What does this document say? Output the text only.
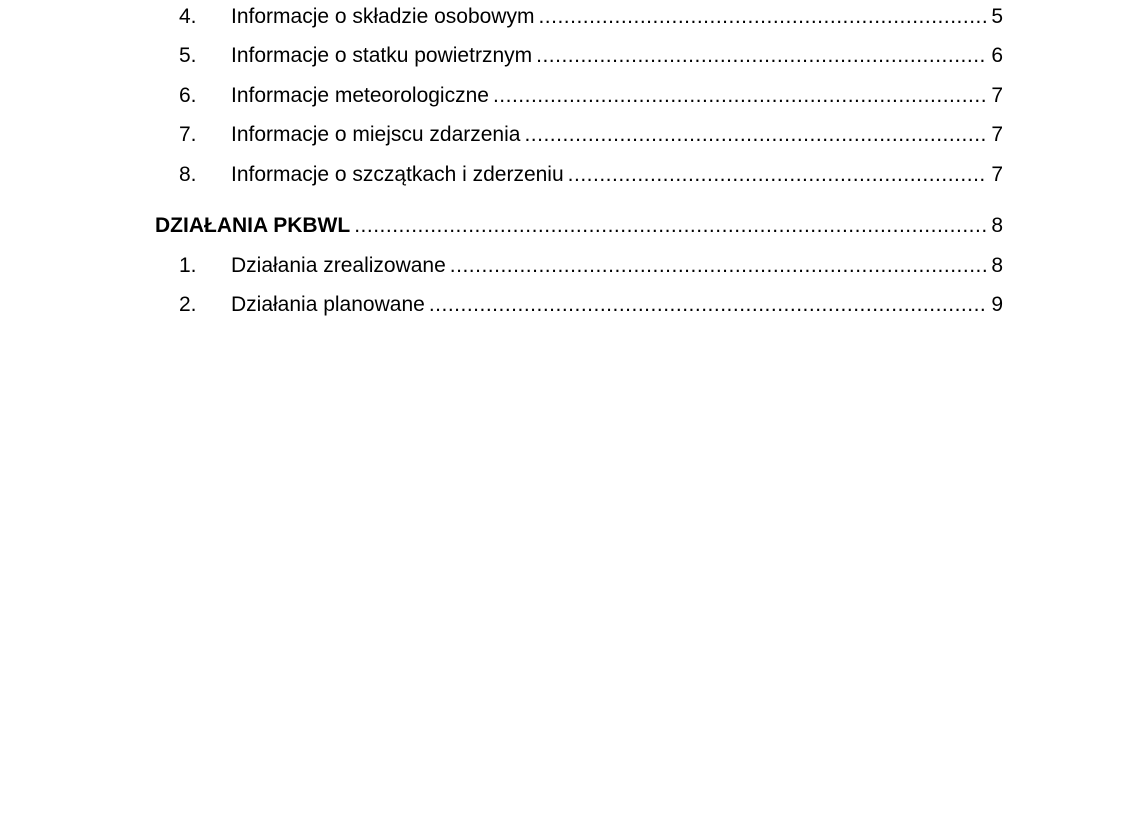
4.	Informacje o składzie osobowym .....	5
5.	Informacje o statku powietrznym .....	6
6.	Informacje meteorologiczne .....	7
7.	Informacje o miejscu zdarzenia .....	7
8.	Informacje o szczątkach i zderzeniu .....	7
DZIAŁANIA PKBWL .....	8
1.	Działania zrealizowane .....	8
2.	Działania planowane .....	9
